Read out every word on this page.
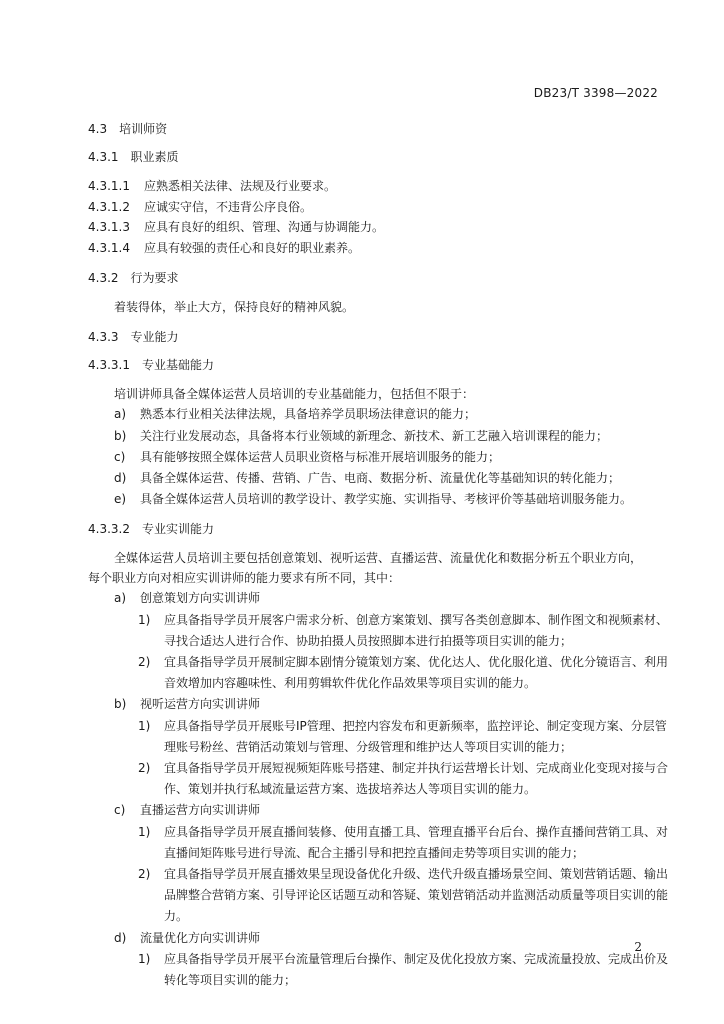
DB23/T 3398—2022
4.3 培训师资
4.3.1 职业素质
4.3.1.1 应熟悉相关法律、法规及行业要求。
4.3.1.2 应诚实守信，不违背公序良俗。
4.3.1.3 应具有良好的组织、管理、沟通与协调能力。
4.3.1.4 应具有较强的责任心和良好的职业素养。
4.3.2 行为要求
着装得体，举止大方，保持良好的精神风貌。
4.3.3 专业能力
4.3.3.1 专业基础能力
培训讲师具备全媒体运营人员培训的专业基础能力，包括但不限于：
a) 熟悉本行业相关法律法规，具备培养学员职场法律意识的能力；
b) 关注行业发展动态，具备将本行业领域的新理念、新技术、新工艺融入培训课程的能力；
c) 具有能够按照全媒体运营人员职业资格与标准开展培训服务的能力；
d) 具备全媒体运营、传播、营销、广告、电商、数据分析、流量优化等基础知识的转化能力；
e) 具备全媒体运营人员培训的教学设计、教学实施、实训指导、考核评价等基础培训服务能力。
4.3.3.2 专业实训能力
全媒体运营人员培训主要包括创意策划、视听运营、直播运营、流量优化和数据分析五个职业方向，
每个职业方向对相应实训讲师的能力要求有所不同，其中：
a) 创意策划方向实训讲师
1) 应具备指导学员开展客户需求分析、创意方案策划、撰写各类创意脚本、制作图文和视频素材、寻找合适达人进行合作、协助拍摄人员按照脚本进行拍摄等项目实训的能力；
2) 宜具备指导学员开展制定脚本剧情分镜策划方案、优化达人、优化服化道、优化分镜语言、利用音效增加内容趣味性、利用剪辑软件优化作品效果等项目实训的能力。
b) 视听运营方向实训讲师
1) 应具备指导学员开展账号IP管理、把控内容发布和更新频率，监控评论、制定变现方案、分层管理账号粉丝、营销活动策划与管理、分级管理和维护达人等项目实训的能力；
2) 宜具备指导学员开展短视频矩阵账号搭建、制定并执行运营增长计划、完成商业化变现对接与合作、策划并执行私域流量运营方案、选拔培养达人等项目实训的能力。
c) 直播运营方向实训讲师
1) 应具备指导学员开展直播间装修、使用直播工具、管理直播平台后台、操作直播间营销工具、对直播间矩阵账号进行导流、配合主播引导和把控直播间走势等项目实训的能力；
2) 宜具备指导学员开展直播效果呈现设备优化升级、迭代升级直播场景空间、策划营销话题、输出品牌整合营销方案、引导评论区话题互动和答疑、策划营销活动并监测活动质量等项目实训的能力。
d) 流量优化方向实训讲师
1) 应具备指导学员开展平台流量管理后台操作、制定及优化投放方案、完成流量投放、完成出价及转化等项目实训的能力；
2
